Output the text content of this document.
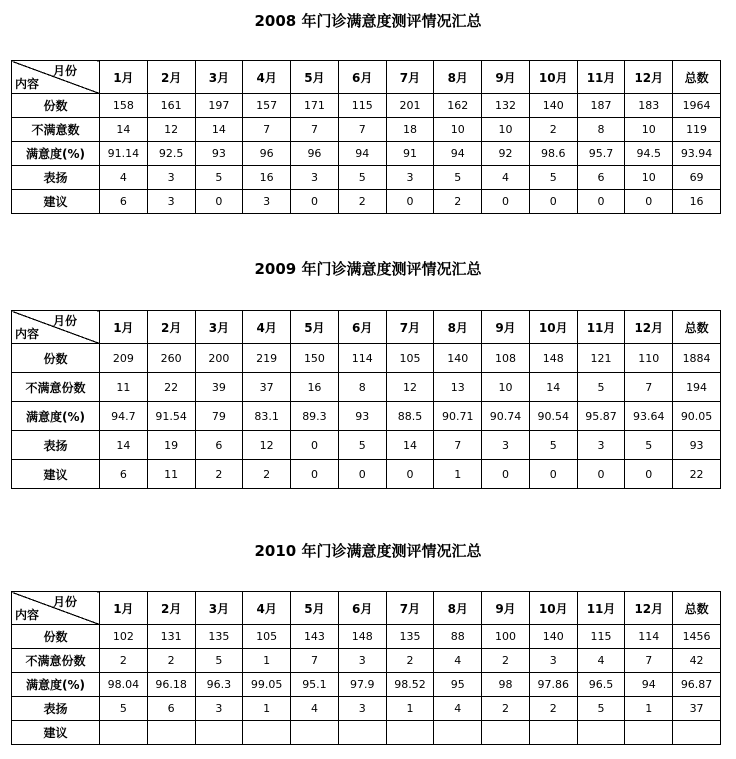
2008 年门诊满意度测评情况汇总
月份
内容	1月	2月	3月	4月	5月	6月	7月	8月	9月	10月	11月	12月	总数
份数	158	161	197	157	171	115	201	162	132	140	187	183	1964
不满意数	14	12	14	7	7	7	18	10	10	2	8	10	119
满意度(%)	91.14	92.5	93	96	96	94	91	94	92	98.6	95.7	94.5	93.94
表扬	4	3	5	16	3	5	3	5	4	5	6	10	69
建议	6	3	0	3	0	2	0	2	0	0	0	0	16
2009 年门诊满意度测评情况汇总
月份
内容	1月	2月	3月	4月	5月	6月	7月	8月	9月	10月	11月	12月	总数
份数	209	260	200	219	150	114	105	140	108	148	121	110	1884
不满意份数	11	22	39	37	16	8	12	13	10	14	5	7	194
满意度(%)	94.7	91.54	79	83.1	89.3	93	88.5	90.71	90.74	90.54	95.87	93.64	90.05
表扬	14	19	6	12	0	5	14	7	3	5	3	5	93
建议	6	11	2	2	0	0	0	1	0	0	0	0	22
2010 年门诊满意度测评情况汇总
月份
内容	1月	2月	3月	4月	5月	6月	7月	8月	9月	10月	11月	12月	总数
份数	102	131	135	105	143	148	135	88	100	140	115	114	1456
不满意份数	2	2	5	1	7	3	2	4	2	3	4	7	42
满意度(%)	98.04	96.18	96.3	99.05	95.1	97.9	98.52	95	98	97.86	96.5	94	96.87
表扬	5	6	3	1	4	3	1	4	2	2	5	1	37
建议													
